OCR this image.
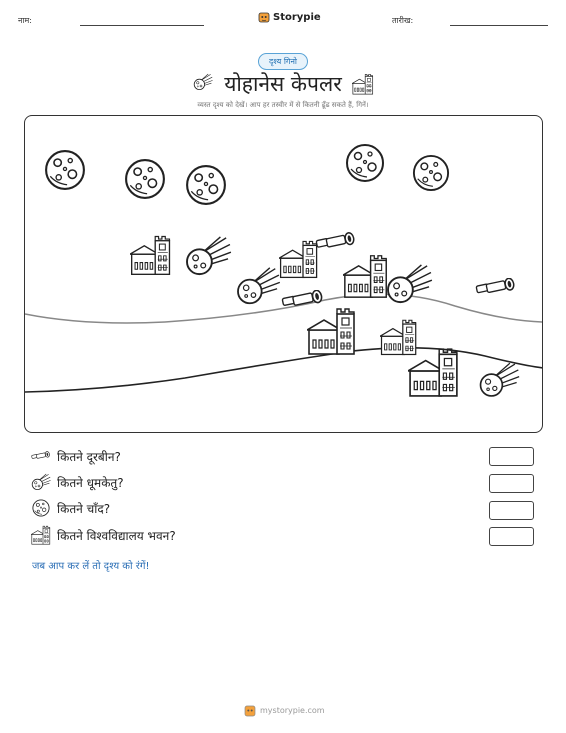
नाम:	Storypie	तारीख:
दृश्य गिनो
योहानेस केपलर
व्यस्त दृश्य को देखें। आप हर तस्वीर में से कितनी ढूँढ सकते हैं, गिनें।
कितने दूरबीन?
कितने धूमकेतु?
कितने चाँद?
कितने विश्वविद्यालय भवन?
जब आप कर लें तो दृश्य को रंगें!
mystorypie.com
